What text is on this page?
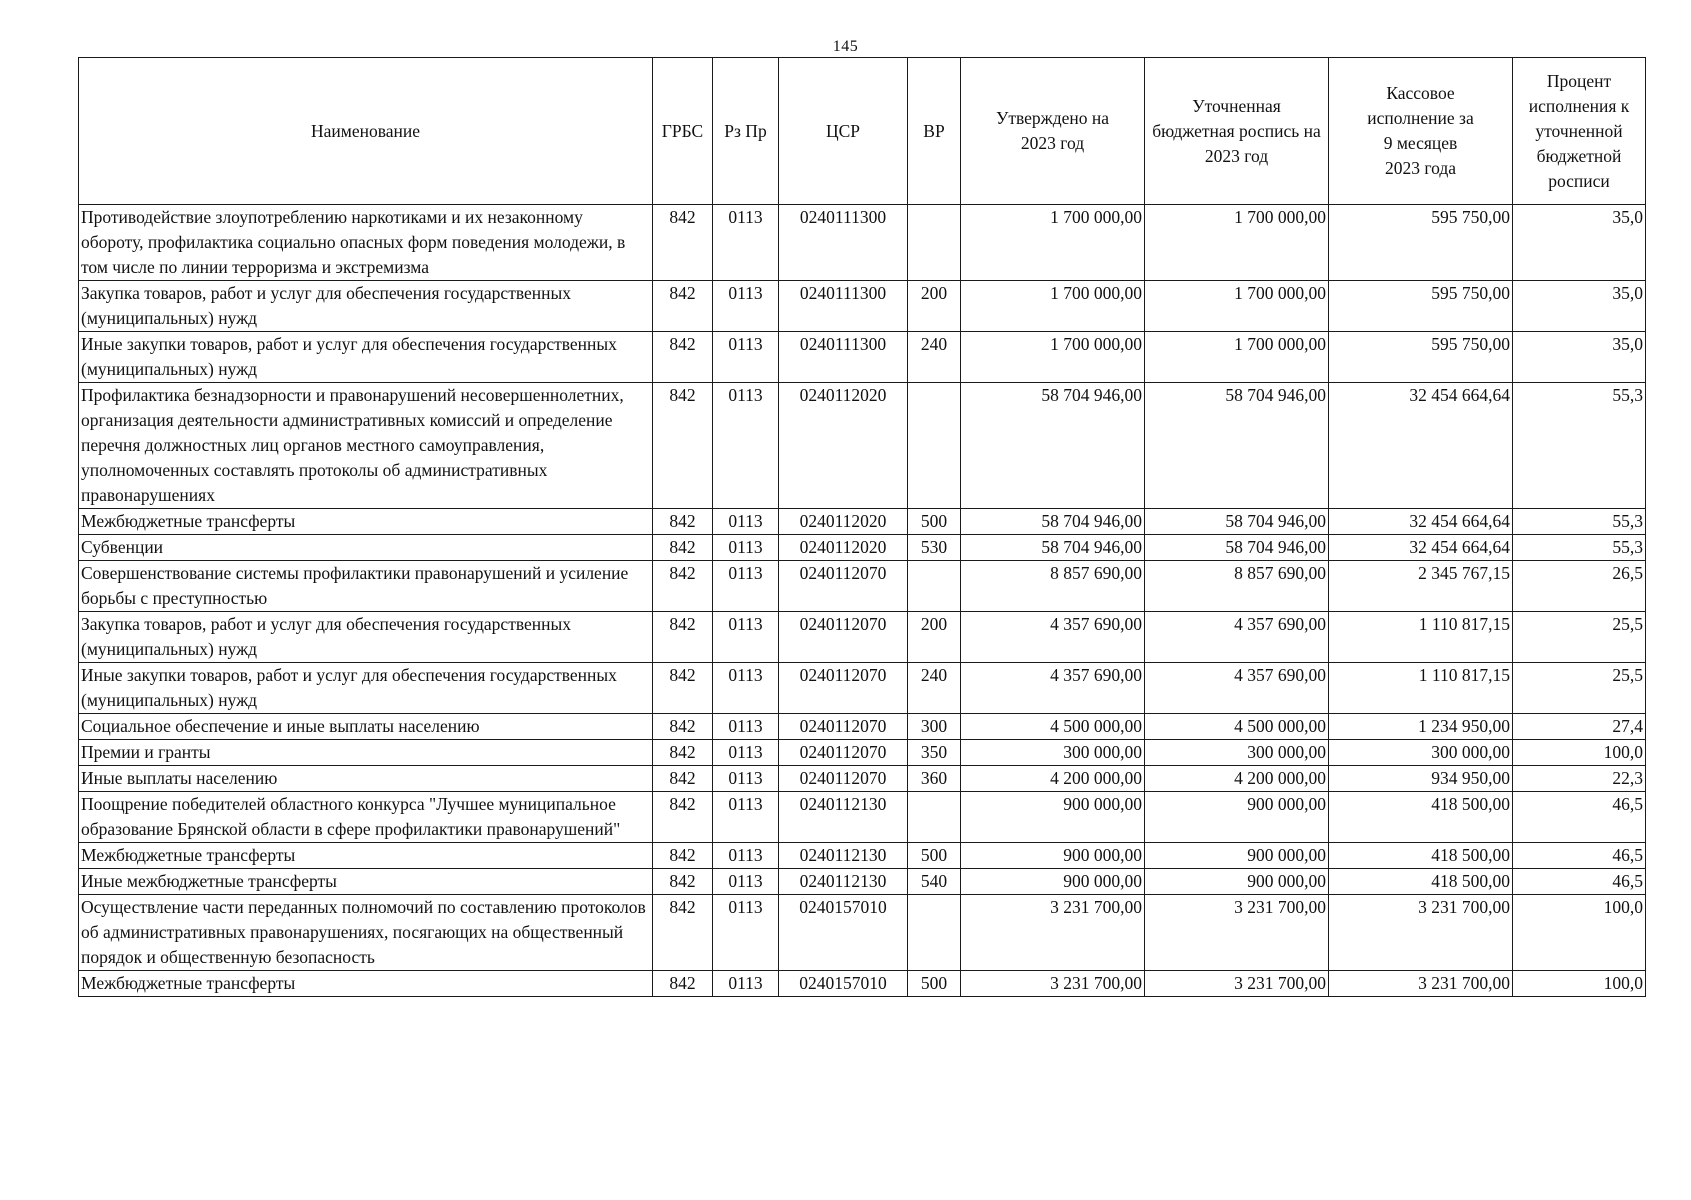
145
Наименование	ГРБС	Рз Пр	ЦСР	ВР	Утверждено на 2023 год	Уточненная бюджетная роспись на 2023 год	Кассовое исполнение за 9 месяцев 2023 года	Процент исполнения к уточненной бюджетной росписи
Противодействие злоупотреблению наркотиками и их незаконному обороту, профилактика социально опасных форм поведения молодежи, в том числе по линии терроризма и экстремизма	842	0113	0240111300		1 700 000,00	1 700 000,00	595 750,00	35,0
Закупка товаров, работ и услуг для обеспечения государственных (муниципальных) нужд	842	0113	0240111300	200	1 700 000,00	1 700 000,00	595 750,00	35,0
Иные закупки товаров, работ и услуг для обеспечения государственных (муниципальных) нужд	842	0113	0240111300	240	1 700 000,00	1 700 000,00	595 750,00	35,0
Профилактика безнадзорности и правонарушений несовершеннолетних, организация деятельности административных комиссий и определение перечня должностных лиц органов местного самоуправления, уполномоченных составлять протоколы об административных правонарушениях	842	0113	0240112020		58 704 946,00	58 704 946,00	32 454 664,64	55,3
Межбюджетные трансферты	842	0113	0240112020	500	58 704 946,00	58 704 946,00	32 454 664,64	55,3
Субвенции	842	0113	0240112020	530	58 704 946,00	58 704 946,00	32 454 664,64	55,3
Совершенствование системы профилактики правонарушений и усиление борьбы с преступностью	842	0113	0240112070		8 857 690,00	8 857 690,00	2 345 767,15	26,5
Закупка товаров, работ и услуг для обеспечения государственных (муниципальных) нужд	842	0113	0240112070	200	4 357 690,00	4 357 690,00	1 110 817,15	25,5
Иные закупки товаров, работ и услуг для обеспечения государственных (муниципальных) нужд	842	0113	0240112070	240	4 357 690,00	4 357 690,00	1 110 817,15	25,5
Социальное обеспечение и иные выплаты населению	842	0113	0240112070	300	4 500 000,00	4 500 000,00	1 234 950,00	27,4
Премии и гранты	842	0113	0240112070	350	300 000,00	300 000,00	300 000,00	100,0
Иные выплаты населению	842	0113	0240112070	360	4 200 000,00	4 200 000,00	934 950,00	22,3
Поощрение победителей областного конкурса "Лучшее муниципальное образование Брянской области в сфере профилактики правонарушений"	842	0113	0240112130		900 000,00	900 000,00	418 500,00	46,5
Межбюджетные трансферты	842	0113	0240112130	500	900 000,00	900 000,00	418 500,00	46,5
Иные межбюджетные трансферты	842	0113	0240112130	540	900 000,00	900 000,00	418 500,00	46,5
Осуществление части переданных полномочий по составлению протоколов об административных правонарушениях, посягающих на общественный порядок и общественную безопасность	842	0113	0240157010		3 231 700,00	3 231 700,00	3 231 700,00	100,0
Межбюджетные трансферты	842	0113	0240157010	500	3 231 700,00	3 231 700,00	3 231 700,00	100,0
